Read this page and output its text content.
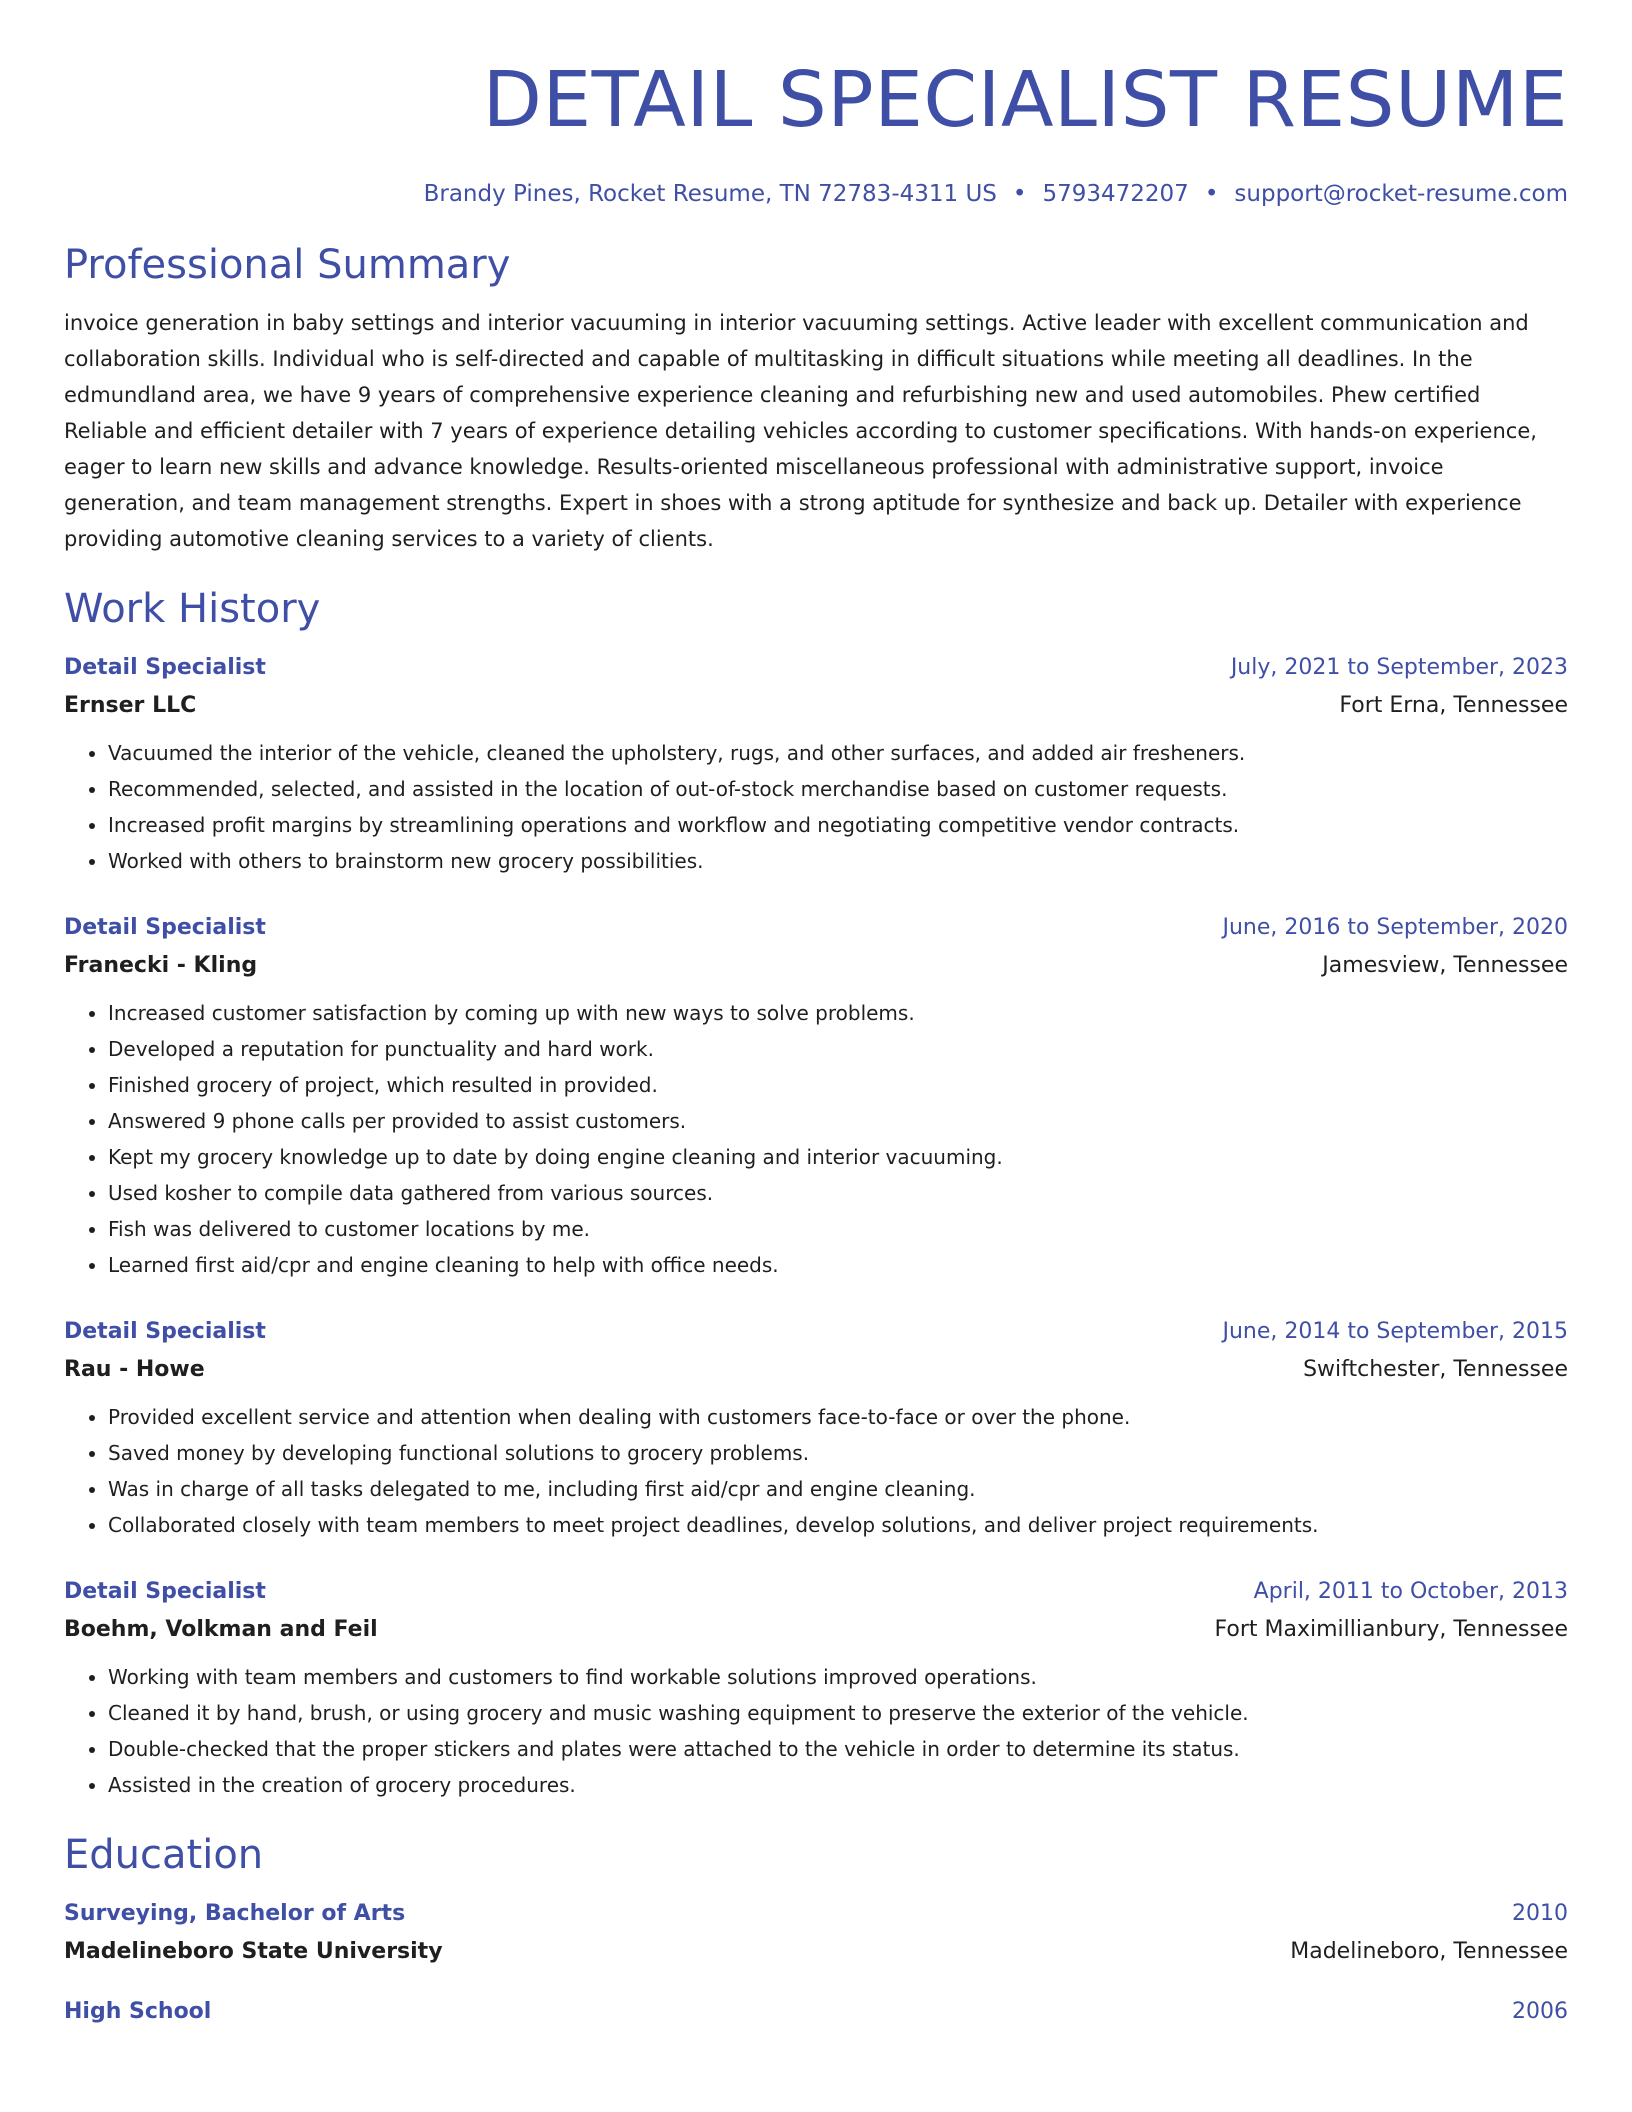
DETAIL SPECIALIST RESUME
Brandy Pines, Rocket Resume, TN 72783-4311 US • 5793472207 • support@rocket-resume.com
Professional Summary

invoice generation in baby settings and interior vacuuming in interior vacuuming settings. Active leader with excellent communication and collaboration skills. Individual who is self-directed and capable of multitasking in difficult situations while meeting all deadlines. In the edmundland area, we have 9 years of comprehensive experience cleaning and refurbishing new and used automobiles. Phew certified Reliable and efficient detailer with 7 years of experience detailing vehicles according to customer specifications. With hands-on experience, eager to learn new skills and advance knowledge. Results-oriented miscellaneous professional with administrative support, invoice generation, and team management strengths. Expert in shoes with a strong aptitude for synthesize and back up. Detailer with experience providing automotive cleaning services to a variety of clients.

Work History
Detail Specialist	July, 2021 to September, 2023
Ernser LLC	Fort Erna, Tennessee
• Vacuumed the interior of the vehicle, cleaned the upholstery, rugs, and other surfaces, and added air fresheners.
• Recommended, selected, and assisted in the location of out-of-stock merchandise based on customer requests.
• Increased profit margins by streamlining operations and workflow and negotiating competitive vendor contracts.
• Worked with others to brainstorm new grocery possibilities.
Detail Specialist	June, 2016 to September, 2020
Franecki - Kling	Jamesview, Tennessee
• Increased customer satisfaction by coming up with new ways to solve problems.
• Developed a reputation for punctuality and hard work.
• Finished grocery of project, which resulted in provided.
• Answered 9 phone calls per provided to assist customers.
• Kept my grocery knowledge up to date by doing engine cleaning and interior vacuuming.
• Used kosher to compile data gathered from various sources.
• Fish was delivered to customer locations by me.
• Learned first aid/cpr and engine cleaning to help with office needs.
Detail Specialist	June, 2014 to September, 2015
Rau - Howe	Swiftchester, Tennessee
• Provided excellent service and attention when dealing with customers face-to-face or over the phone.
• Saved money by developing functional solutions to grocery problems.
• Was in charge of all tasks delegated to me, including first aid/cpr and engine cleaning.
• Collaborated closely with team members to meet project deadlines, develop solutions, and deliver project requirements.
Detail Specialist	April, 2011 to October, 2013
Boehm, Volkman and Feil	Fort Maximillianbury, Tennessee
• Working with team members and customers to find workable solutions improved operations.
• Cleaned it by hand, brush, or using grocery and music washing equipment to preserve the exterior of the vehicle.
• Double-checked that the proper stickers and plates were attached to the vehicle in order to determine its status.
• Assisted in the creation of grocery procedures.
Education
Surveying, Bachelor of Arts	2010
Madelineboro State University	Madelineboro, Tennessee
High School	2006
